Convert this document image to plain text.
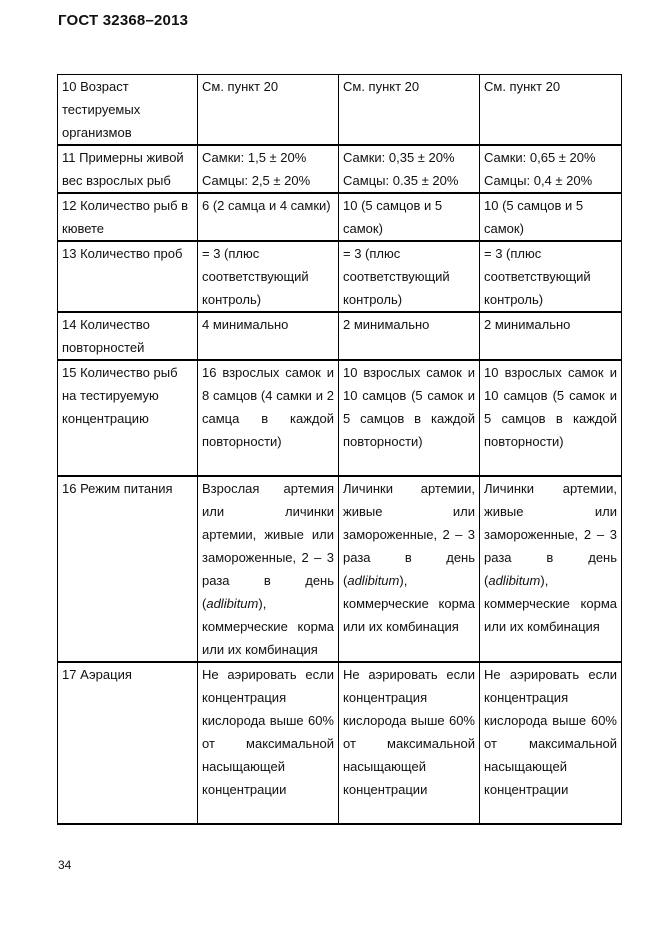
ГОСТ 32368–2013
10 Возраст тестируемых организмов	См. пункт 20	См. пункт 20	См. пункт 20
11 Примерны живой вес взрослых рыб	Самки: 1,5 ± 20% Самцы: 2,5 ± 20%	Самки: 0,35 ± 20% Самцы: 0.35 ± 20%	Самки: 0,65 ± 20% Самцы: 0,4 ± 20%
12 Количество рыб в кювете	6 (2 самца и 4 самки)	10 (5 самцов и 5 самок)	10 (5 самцов и 5 самок)
13 Количество проб	= 3 (плюс соответствующий контроль)	= 3 (плюс соответствующий контроль)	= 3 (плюс соответствующий контроль)
14 Количество повторностей	4 минимально	2 минимально	2 минимально
15 Количество рыб на тестируемую концентрацию	16 взрослых самок и 8 самцов (4 самки и 2 самца в каждой повторности)	10 взрослых самок и 10 самцов (5 самок и 5 самцов в каждой повторности)	10 взрослых самок и 10 самцов (5 самок и 5 самцов в каждой повторности)
16 Режим питания	Взрослая артемия или личинки артемии, живые или замороженные, 2 – 3 раза в день (adlibitum), коммерческие корма или их комбинация	Личинки артемии, живые или замороженные, 2 – 3 раза в день (adlibitum), коммерческие корма или их комбинация	Личинки артемии, живые или замороженные, 2 – 3 раза в день (adlibitum), коммерческие корма или их комбинация
17 Аэрация	Не аэрировать если концентрация кислорода выше 60% от максимальной насыщающей концентрации	Не аэрировать если концентрация кислорода выше 60% от максимальной насыщающей концентрации	Не аэрировать если концентрация кислорода выше 60% от максимальной насыщающей концентрации
34
